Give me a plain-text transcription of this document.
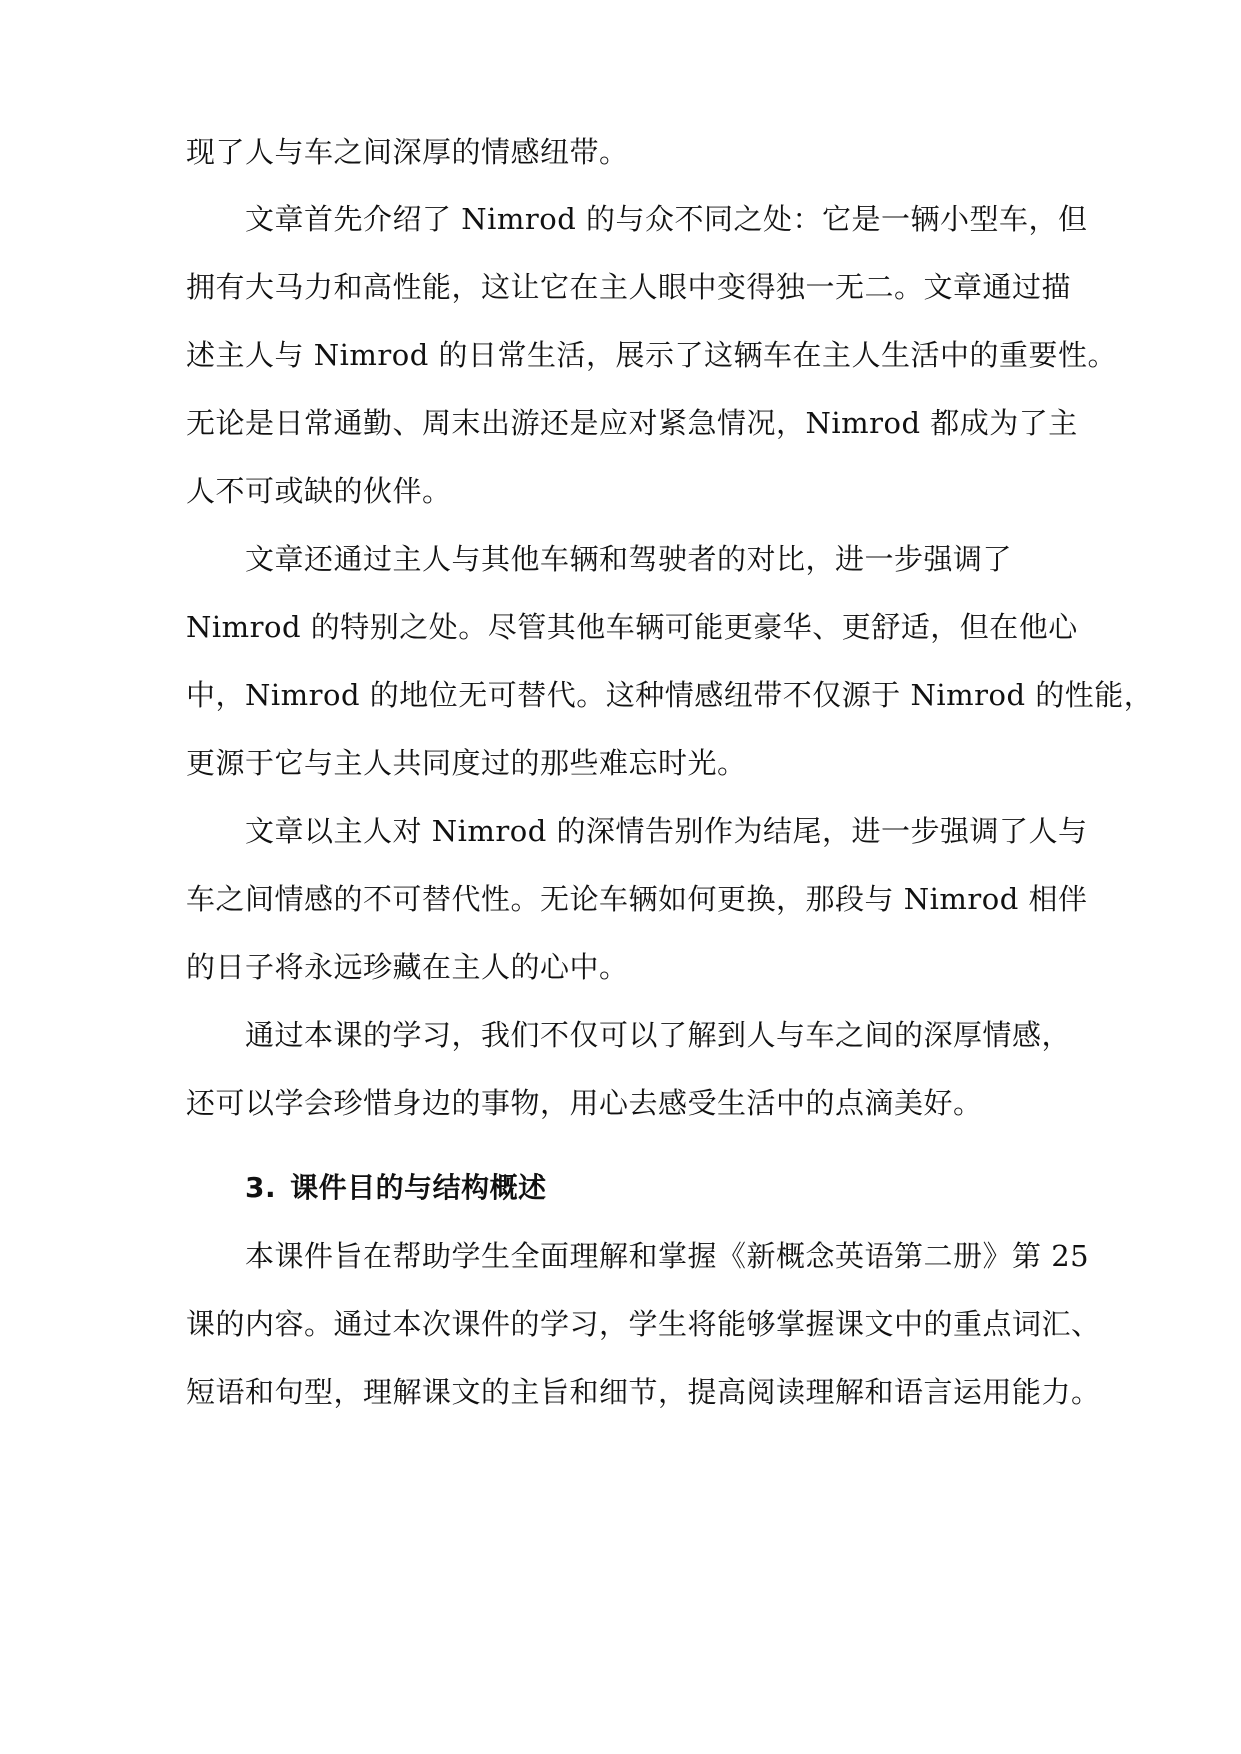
现了人与车之间深厚的情感纽带。
文章首先介绍了 Nimrod 的与众不同之处：它是一辆小型车，但
拥有大马力和高性能，这让它在主人眼中变得独一无二。文章通过描
述主人与 Nimrod 的日常生活，展示了这辆车在主人生活中的重要性。
无论是日常通勤、周末出游还是应对紧急情况，Nimrod 都成为了主
人不可或缺的伙伴。
文章还通过主人与其他车辆和驾驶者的对比，进一步强调了
Nimrod 的特别之处。尽管其他车辆可能更豪华、更舒适，但在他心
中，Nimrod 的地位无可替代。这种情感纽带不仅源于 Nimrod 的性能，
更源于它与主人共同度过的那些难忘时光。
文章以主人对 Nimrod 的深情告别作为结尾，进一步强调了人与
车之间情感的不可替代性。无论车辆如何更换，那段与 Nimrod 相伴
的日子将永远珍藏在主人的心中。
通过本课的学习，我们不仅可以了解到人与车之间的深厚情感，
还可以学会珍惜身边的事物，用心去感受生活中的点滴美好。
3. 课件目的与结构概述
本课件旨在帮助学生全面理解和掌握《新概念英语第二册》第 25
课的内容。通过本次课件的学习，学生将能够掌握课文中的重点词汇、
短语和句型，理解课文的主旨和细节，提高阅读理解和语言运用能力。
